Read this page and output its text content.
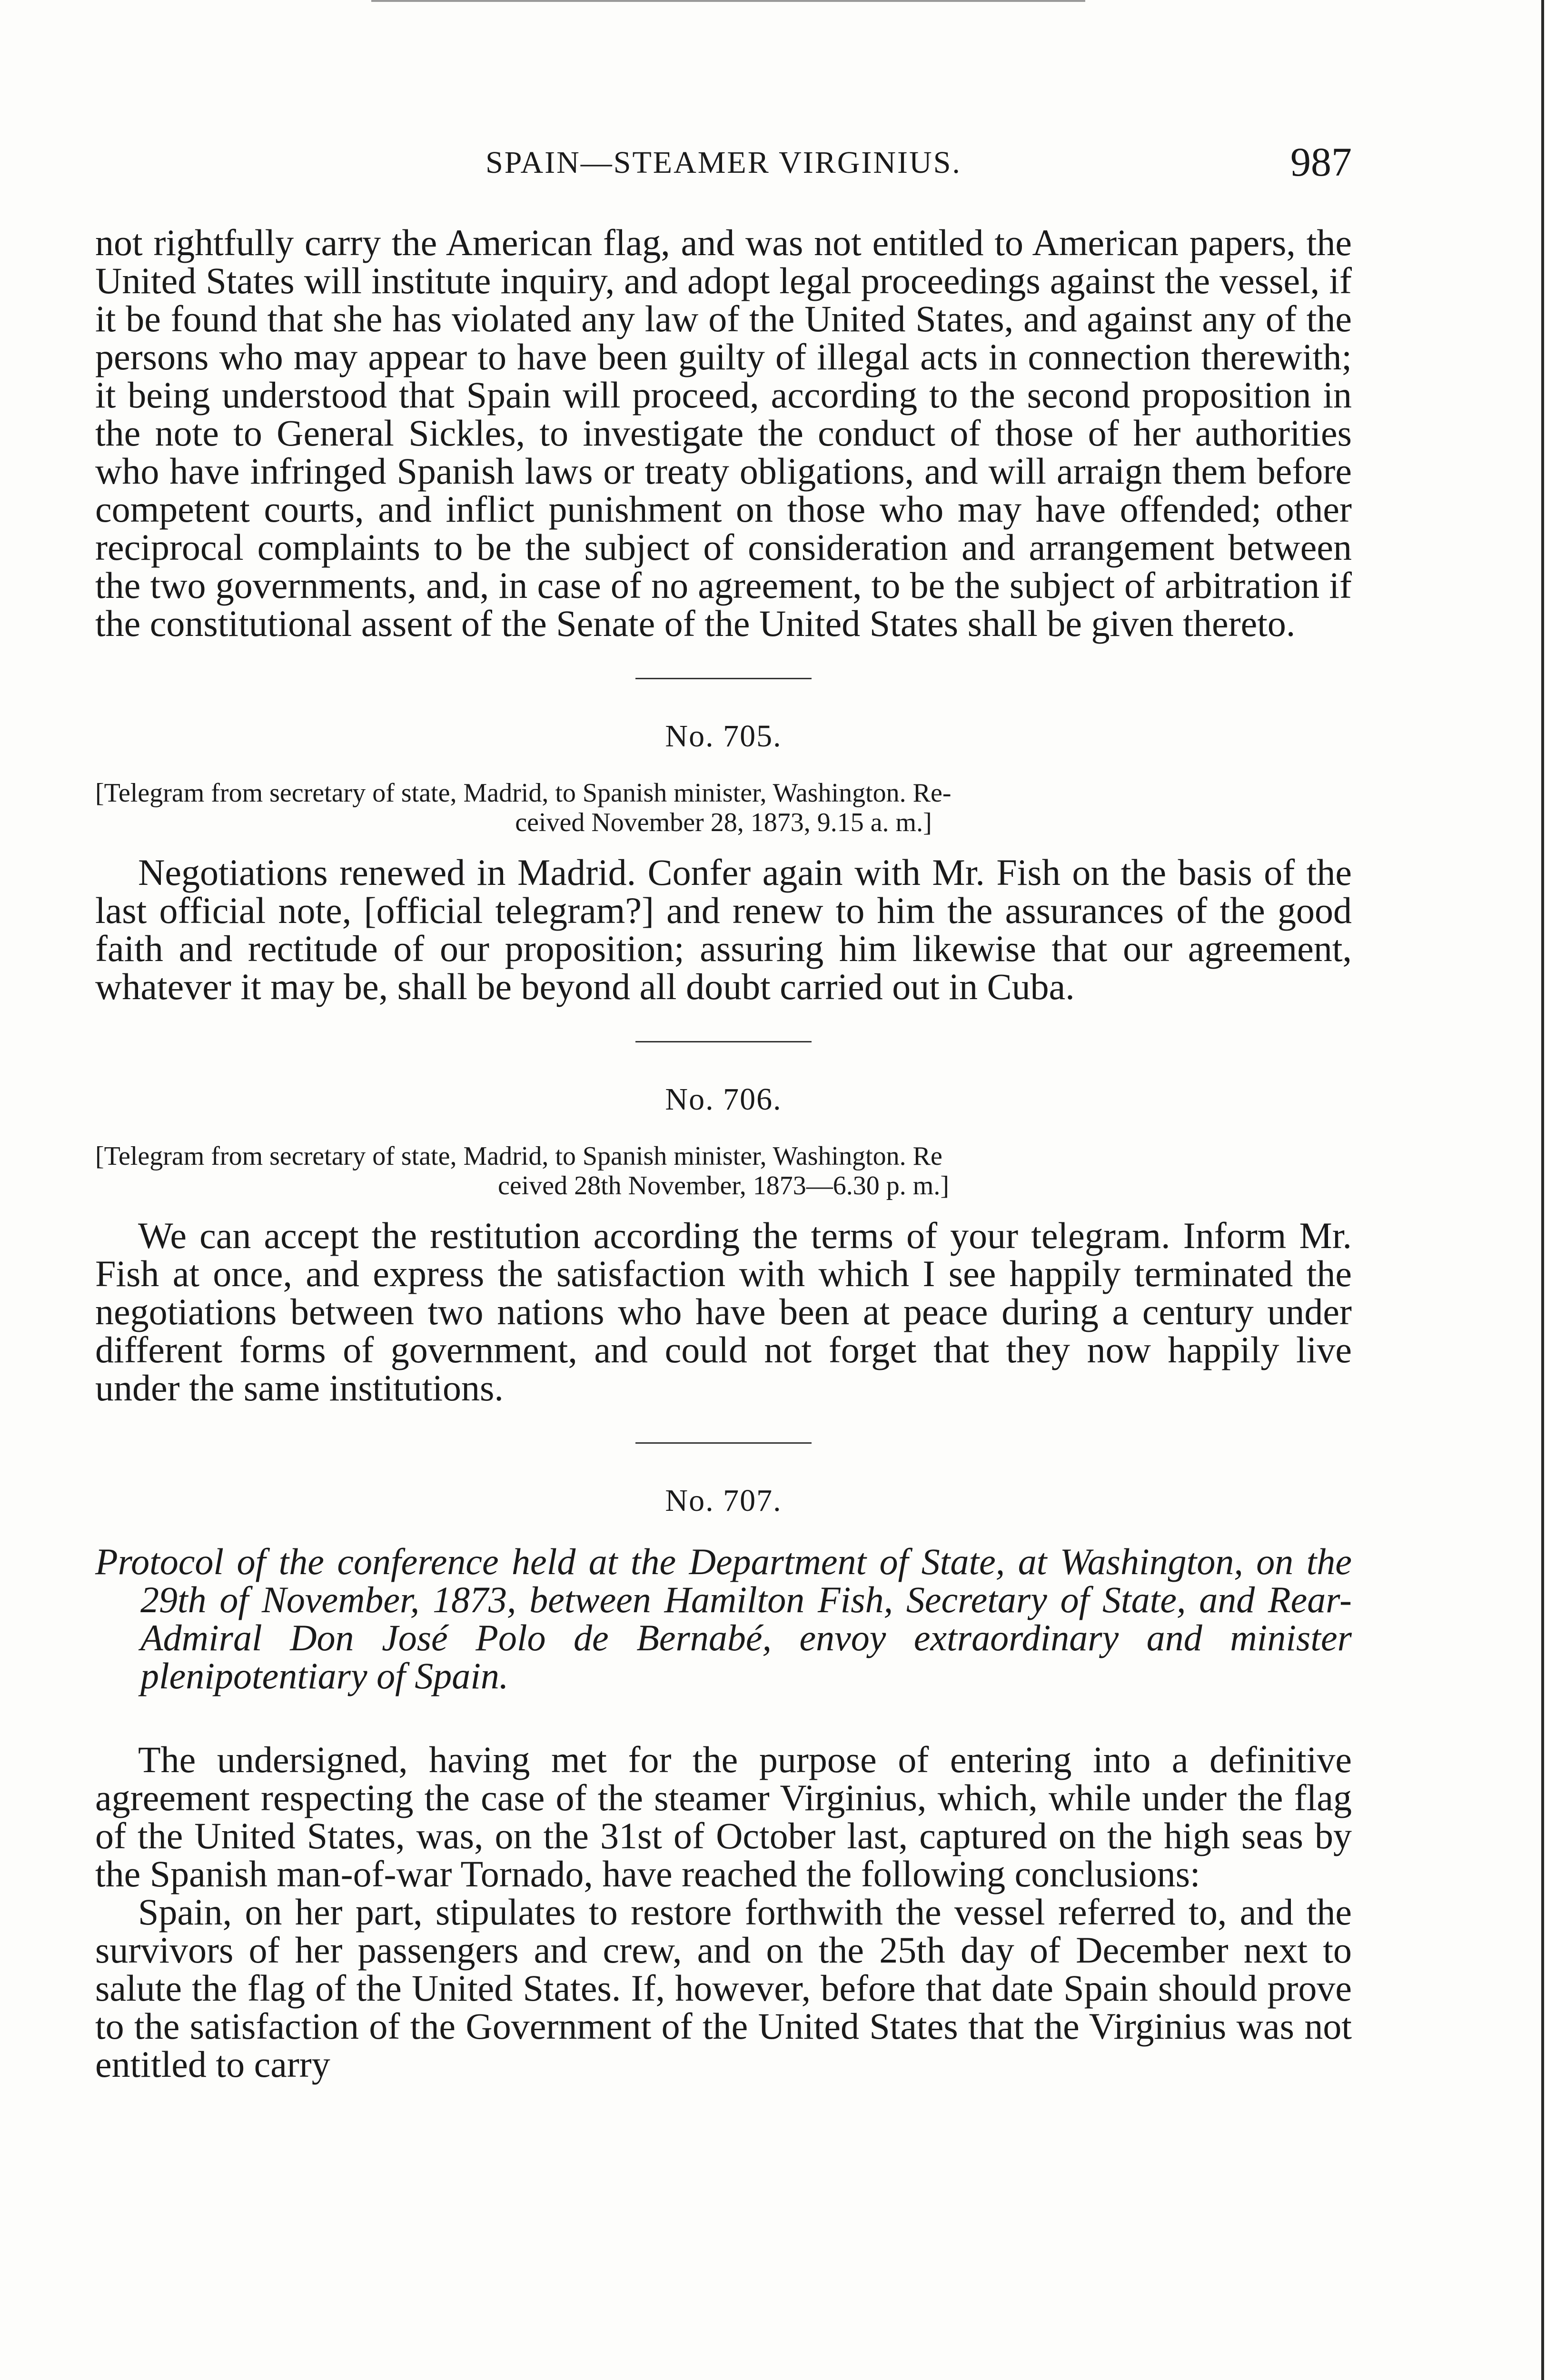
SPAIN—STEAMER VIRGINIUS.	987

not rightfully carry the American flag, and was not entitled to American papers, the United States will institute inquiry, and adopt legal proceedings against the vessel, if it be found that she has violated any law of the United States, and against any of the persons who may appear to have been guilty of illegal acts in connection therewith; it being understood that Spain will proceed, according to the second proposition in the note to General Sickles, to investigate the conduct of those of her authorities who have infringed Spanish laws or treaty obligations, and will arraign them before competent courts, and inflict punishment on those who may have offended; other reciprocal complaints to be the subject of consideration and arrangement between the two governments, and, in case of no agreement, to be the subject of arbitration if the constitutional assent of the Senate of the United States shall be given thereto.

No. 705.
[Telegram from secretary of state, Madrid, to Spanish minister, Washington. Re-
ceived November 28, 1873, 9.15 a. m.]

Negotiations renewed in Madrid. Confer again with Mr. Fish on the basis of the last official note, [official telegram?] and renew to him the assurances of the good faith and rectitude of our proposition; assuring him likewise that our agreement, whatever it may be, shall be beyond all doubt carried out in Cuba.

No. 706.
[Telegram from secretary of state, Madrid, to Spanish minister, Washington. Re
ceived 28th November, 1873—6.30 p. m.]

We can accept the restitution according the terms of your telegram. Inform Mr. Fish at once, and express the satisfaction with which I see happily terminated the negotiations between two nations who have been at peace during a century under different forms of government, and could not forget that they now happily live under the same institutions.

No. 707.

Protocol of the conference held at the Department of State, at Washington, on the 29th of November, 1873, between Hamilton Fish, Secretary of State, and Rear-Admiral Don José Polo de Bernabé, envoy extraordinary and minister plenipotentiary of Spain.

The undersigned, having met for the purpose of entering into a definitive agreement respecting the case of the steamer Virginius, which, while under the flag of the United States, was, on the 31st of October last, captured on the high seas by the Spanish man-of-war Tornado, have reached the following conclusions:

Spain, on her part, stipulates to restore forthwith the vessel referred to, and the survivors of her passengers and crew, and on the 25th day of December next to salute the flag of the United States. If, however, before that date Spain should prove to the satisfaction of the Government of the United States that the Virginius was not entitled to carry
